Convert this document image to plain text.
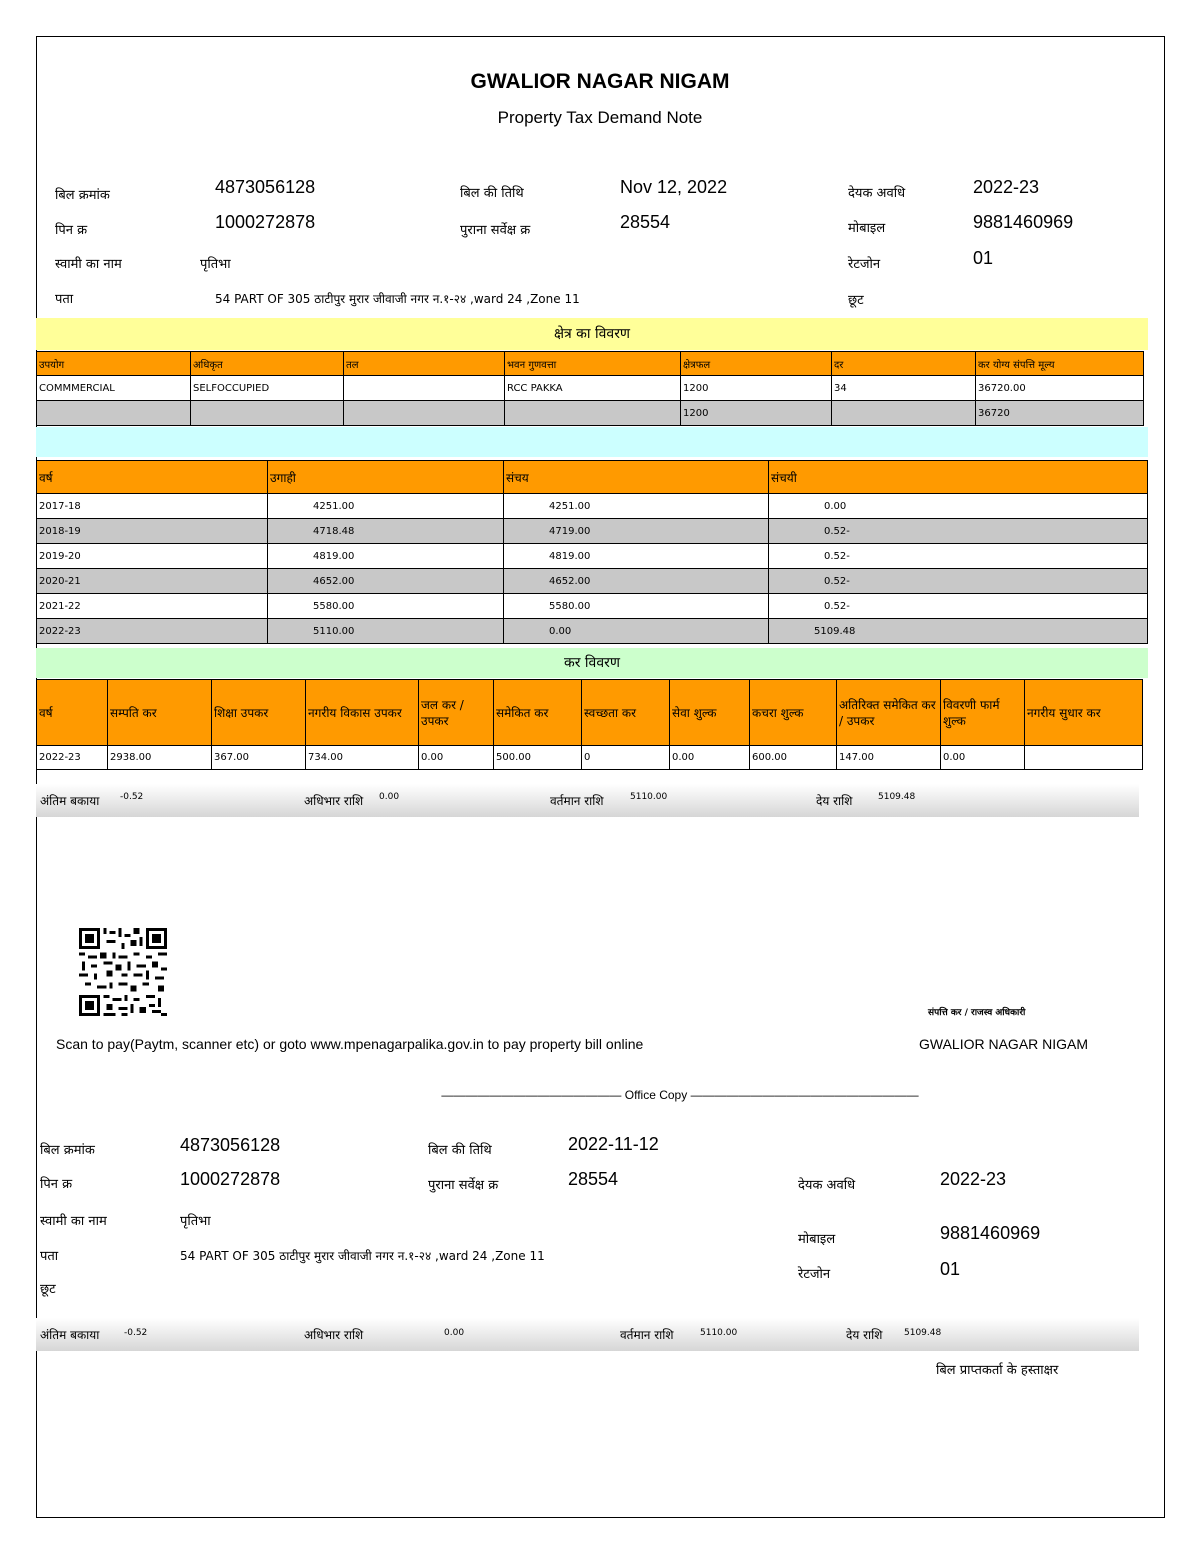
GWALIOR NAGAR NIGAM
Property Tax Demand Note
बिल क्रमांक	4873056128	बिल की तिथि	Nov 12, 2022	देयक अवधि	2022-23
पिन क्र	1000272878	पुराना सर्वेक्ष क्र	28554	मोबाइल	9881460969
स्वामी का नाम	पृतिभा	रेटजोन	01
पता	54 PART OF 305 ठाटीपुर मुरार जीवाजी नगर न.१-२४ ,ward 24 ,Zone 11	छूट
क्षेत्र का विवरण
उपयोग	अधिकृत	तल	भवन गुणवत्ता	क्षेत्रफल	दर	कर योग्य संपत्ति मूल्य
COMMMERCIAL	SELFOCCUPIED		RCC PAKKA	1200	34	36720.00
				1200		36720
वर्ष	उगाही	संचय	संचयी
2017-18	4251.00	4251.00	0.00
2018-19	4718.48	4719.00	0.52-
2019-20	4819.00	4819.00	0.52-
2020-21	4652.00	4652.00	0.52-
2021-22	5580.00	5580.00	0.52-
2022-23	5110.00	0.00	5109.48
कर विवरण
वर्ष	सम्पति कर	शिक्षा उपकर	नगरीय विकास उपकर	जल कर / उपकर	समेकित कर	स्वच्छता कर	सेवा शुल्क	कचरा शुल्क	अतिरिक्त समेकित कर / उपकर	विवरणी फार्म शुल्क	नगरीय सुधार कर
2022-23	2938.00	367.00	734.00	0.00	500.00	0	0.00	600.00	147.00	0.00	
अंतिम बकाया -0.52	अधिभार राशि 0.00	वर्तमान राशि	5110.00	देय राशि	5109.48
संपत्ति कर / राजस्व अधिकारी
Scan to pay(Paytm, scanner etc) or goto www.mpenagarpalika.gov.in to pay property bill online	GWALIOR NAGAR NIGAM
——————————————— Office Copy ———————————————————
बिल क्रमांक	4873056128	बिल की तिथि	2022-11-12
पिन क्र	1000272878	पुराना सर्वेक्ष क्र	28554	देयक अवधि	2022-23
स्वामी का नाम	पृतिभा
मोबाइल	9881460969
पता	54 PART OF 305 ठाटीपुर मुरार जीवाजी नगर न.१-२४ ,ward 24 ,Zone 11
रेटजोन	01
छूट
अंतिम बकाया	-0.52	अधिभार राशि	0.00	वर्तमान राशि	5110.00	देय राशि 5109.48
बिल प्राप्तकर्ता के हस्ताक्षर
